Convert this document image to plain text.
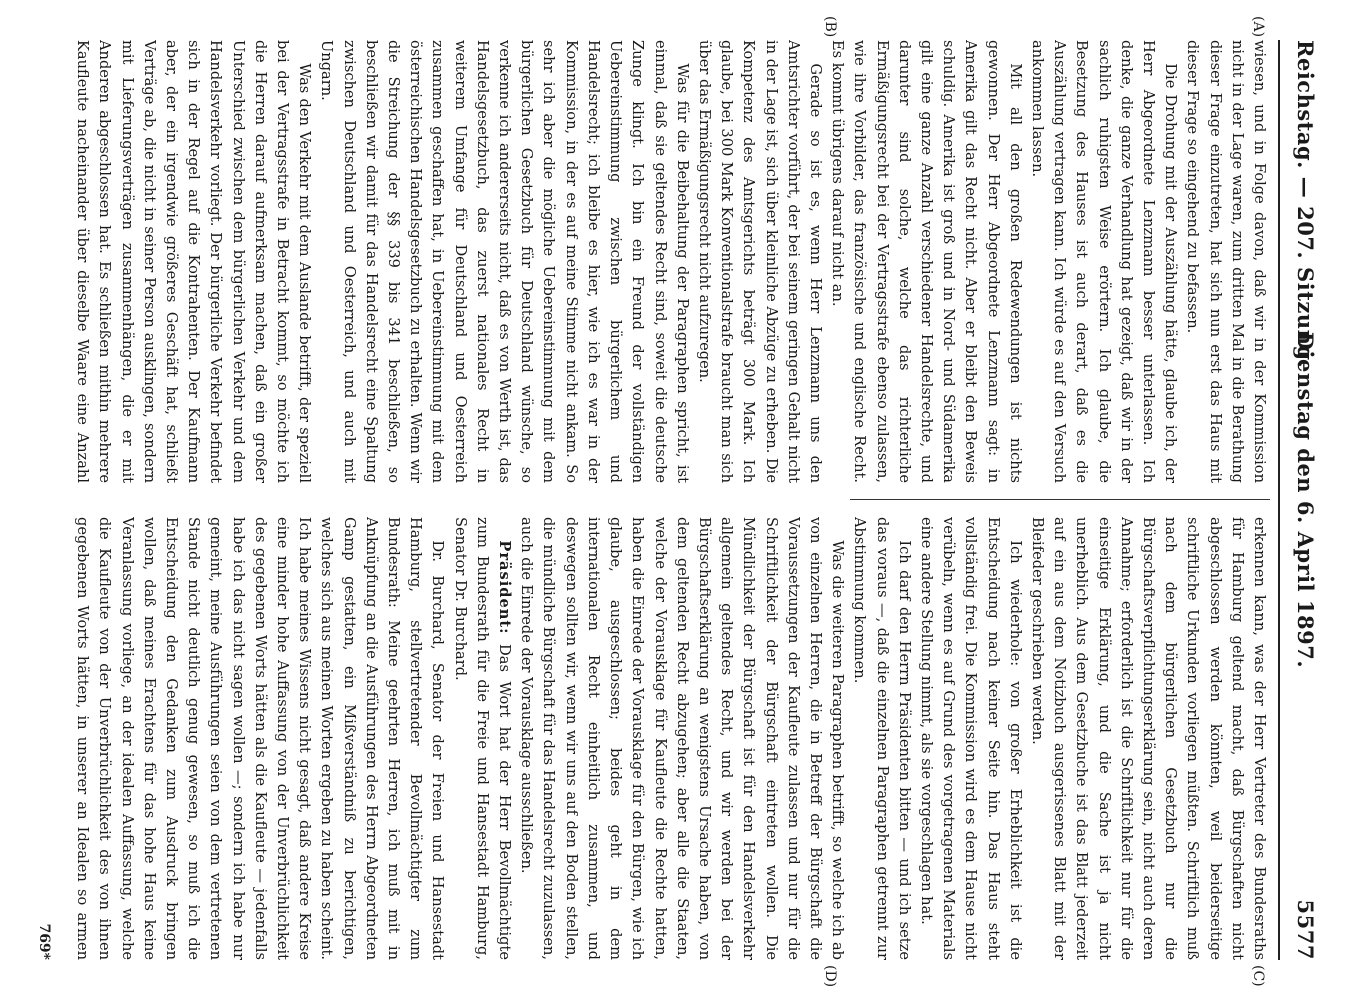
Reichstag. — 207. Sitzung.
Dienstag den 6. April 1897.
5577
(A)
(B)
(C)
(D)

wiesen, und in Folge davon, daß wir in der Kommission nicht in der Lage waren, zum dritten Mal in die Berathung dieser Frage einzutreten, hat sich nun erst das Haus mit dieser Frage so eingehend zu befassen.

Die Drohung mit der Auszählung hätte, glaube ich, der Herr Abgeordnete Lenzmann besser unterlassen. Ich denke, die ganze Verhandlung hat gezeigt, daß wir in der sachlich ruhigsten Weise erörtern. Ich glaube, die Besetzung des Hauses ist auch derart, daß es die Auszählung vertragen kann. Ich würde es auf den Versuch ankommen lassen.

Mit all den großen Redewendungen ist nichts gewonnen. Der Herr Abgeordnete Lenzmann sagt: in Amerika gilt das Recht nicht. Aber er bleibt den Beweis schuldig. Amerika ist groß und in Nord- und Südamerika gilt eine ganze Anzahl verschiedener Handelsrechte, und darunter sind solche, welche das richterliche Ermäßigungsrecht bei der Vertragsstrafe ebenso zulassen, wie ihre Vorbilder, das französische und englische Recht. Es kommt übrigens darauf nicht an.

Gerade so ist es, wenn Herr Lenzmann uns den Amtsrichter vorführt, der bei seinem geringen Gehalt nicht in der Lage ist, sich über kleinliche Abzüge zu erheben. Die Kompetenz des Amtsgerichts beträgt 300 Mark. Ich glaube, bei 300 Mark Konventionalstrafe braucht man sich über das Ermäßigungsrecht nicht aufzuregen.

Was für die Beibehaltung der Paragraphen spricht, ist einmal, daß sie geltendes Recht sind, soweit die deutsche Zunge klingt. Ich bin ein Freund der vollständigen Uebereinstimmung zwischen bürgerlichem und Handelsrecht; ich bleibe es hier, wie ich es war in der Kommission, in der es auf meine Stimme nicht ankam. So sehr ich aber die mögliche Uebereinstimmung mit dem bürgerlichen Gesetzbuch für Deutschland wünsche, so verkenne ich andererseits nicht, daß es von Werth ist, das Handelsgesetzbuch, das zuerst nationales Recht in weiterem Umfange für Deutschland und Oesterreich zusammen geschaffen hat, in Uebereinstimmung mit dem österreichischen Handelsgesetzbuch zu erhalten. Wenn wir die Streichung der §§ 339 bis 341 beschließen, so beschließen wir damit für das Handelsrecht eine Spaltung zwischen Deutschland und Oesterreich, und auch mit Ungarn.

Was den Verkehr mit dem Auslande betrifft, der speziell bei der Vertragsstrafe in Betracht kommt, so möchte ich die Herren darauf aufmerksam machen, daß ein großer Unterschied zwischen dem bürgerlichen Verkehr und dem Handelsverkehr vorliegt. Der bürgerliche Verkehr befindet sich in der Regel auf die Kontrahenten. Der Kaufmann aber, der ein irgendwie größeres Geschäft hat, schließt Verträge ab, die nicht in seiner Person ausklingen, sondern mit Lieferungsverträgen zusammenhängen, die er mit Anderen abgeschlossen hat. Es schließen mithin mehrere Kaufleute nacheinander über dieselbe Waare eine Anzahl

erkennen kann, was der Herr Vertreter des Bundesraths für Hamburg geltend macht, daß Bürgschaften nicht abgeschlossen werden könnten, weil beiderseitige schriftliche Urkunden vorliegen müßten. Schriftlich muß nach dem bürgerlichen Gesetzbuch nur die Bürgschaftsverpflichtungserklärung sein, nicht auch deren Annahme; erforderlich ist die Schriftlichkeit nur für die einseitige Erklärung, und die Sache ist ja nicht unerheblich. Aus dem Gesetzbuche ist das Blatt jederzeit auf ein aus dem Notizbuch ausgerissenes Blatt mit der Bleifeder geschrieben werden.

Ich wiederhole: von großer Erheblichkeit ist die Entscheidung nach keiner Seite hin. Das Haus steht vollständig frei. Die Kommission wird es dem Hause nicht verübeln, wenn es auf Grund des vorgetragenen Materials eine andere Stellung nimmt, als sie vorgeschlagen hat.

Ich darf den Herrn Präsidenten bitten — und ich setze das voraus —, daß die einzelnen Paragraphen getrennt zur Abstimmung kommen.

Was die weiteren Paragraphen betrifft, so welche ich ab von einzelnen Herren, die in Betreff der Bürgschaft die Voraussetzungen der Kaufleute zulassen und nur für die Schriftlichkeit der Bürgschaft eintreten wollen. Die Mündlichkeit der Bürgschaft ist für den Handelsverkehr allgemein geltendes Recht, und wir werden bei der Bürgschaftserklärung an wenigstens Ursache haben, von dem geltenden Recht abzugehen; aber alle die Staaten, welche der Vorausklage für Kaufleute die Rechte hatten, haben die Einrede der Vorausklage für den Bürgen, wie ich glaube, ausgeschlossen; beides geht in dem internationalen Recht einheitlich zusammen, und deswegen sollten wir, wenn wir uns auf den Boden stellen, die mündliche Bürgschaft für das Handelsrecht zuzulassen, auch die Einrede der Vorausklage ausschließen.

Präsident: Das Wort hat der Herr Bevollmächtigte zum Bundesrath für die Freie und Hansestadt Hamburg, Senator Dr. Burchard.

Dr. Burchard, Senator der Freien und Hansestadt Hamburg, stellvertretender Bevollmächtigter zum Bundesrath: Meine geehrten Herren, ich muß mit in Anknüpfung an die Ausführungen des Herrn Abgeordneten Gamp gestatten, ein Mißverständniß zu berichtigen, welches sich aus meinen Worten ergeben zu haben scheint. Ich habe meines Wissens nicht gesagt, daß andere Kreise eine minder hohe Auffassung von der Unverbrüchlichkeit des gegebenen Worts hätten als die Kaufleute — jedenfalls habe ich das nicht sagen wollen —; sondern ich habe nur gemeint, meine Ausführungen seien von dem vertretenen Stande nicht deutlich genug gewesen, so muß ich die Entscheidung den Gedanken zum Ausdruck bringen wollen, daß meines Erachtens für das hohe Haus keine Veranlassung vorliege, an der idealen Auffassung, welche die Kaufleute von der Unverbrüchlichkeit des von ihnen gegebenen Worts hätten, in unserer an Idealen so armen

769*
